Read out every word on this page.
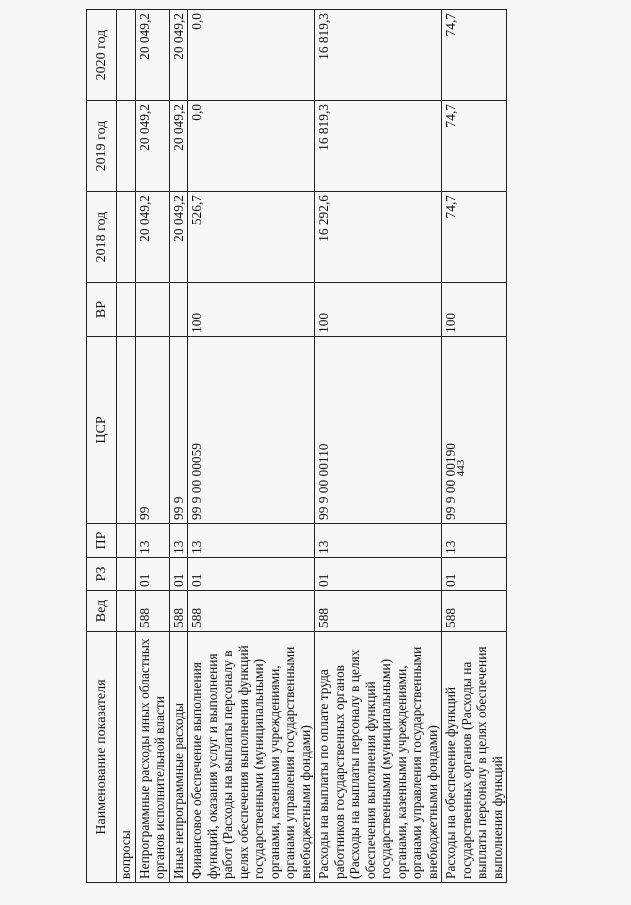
443
Наименование показателя	Вед	РЗ	ПР	ЦСР	ВР	2018 год	2019 год	2020 год
вопросы								
Непрограммные расходы иных областных органов исполнительной власти	588	01	13	99		20 049,2	20 049,2	20 049,2
Иные непрограммные расходы	588	01	13	99 9		20 049,2	20 049,2	20 049,2
Финансовое обеспечение выполнения функций, оказания услуг и выполнения работ (Расходы на выплаты персоналу в целях обеспечения выполнения функций государственными (муниципальными) органами, казенными учреждениями, органами управления государственными внебюджетными фондами)	588	01	13	99 9 00 00059	100	526,7	0,0	0,0
Расходы на выплаты по оплате труда работников государственных органов (Расходы на выплаты персоналу в целях обеспечения выполнения функций государственными (муниципальными) органами, казенными учреждениями, органами управления государственными внебюджетными фондами)	588	01	13	99 9 00 00110	100	16 292,6	16 819,3	16 819,3
Расходы на обеспечение функций государственных органов (Расходы на выплаты персоналу в целях обеспечения выполнения функций	588	01	13	99 9 00 00190	100	74,7	74,7	74,7
